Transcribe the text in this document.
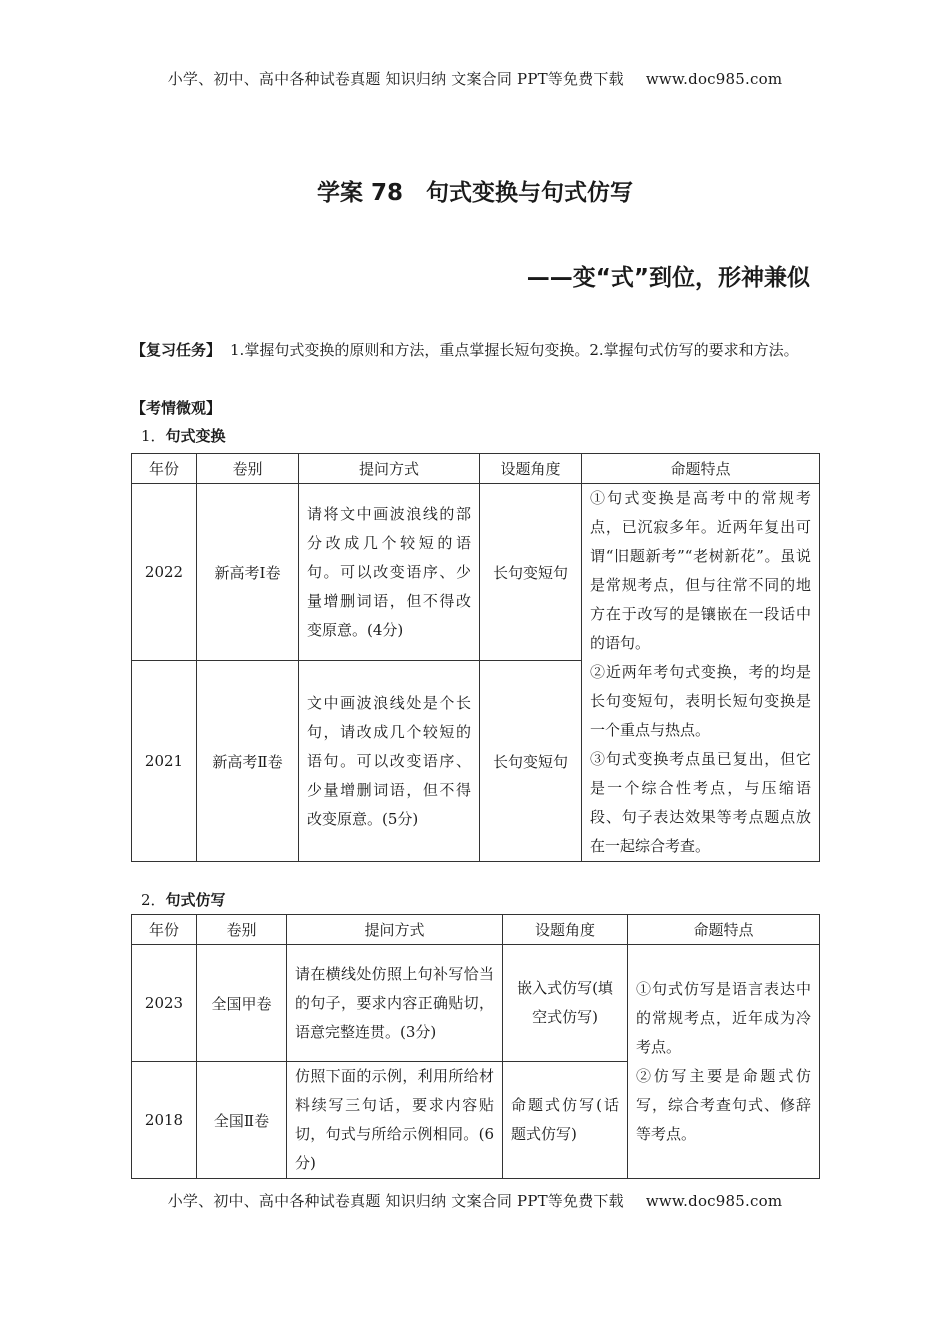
小学、初中、高中各种试卷真题 知识归纳 文案合同 PPT等免费下载 www.doc985.com
学案 78　句式变换与句式仿写
——变“式”到位，形神兼似
【复习任务】 1.掌握句式变换的原则和方法，重点掌握长短句变换。2.掌握句式仿写的要求和方法。
【考情微观】
1．句式变换
年份	卷别	提问方式	设题角度	命题特点
2022	新高考Ⅰ卷	请将文中画波浪线的部分改成几个较短的语句。可以改变语序、少量增删词语，但不得改变原意。(4分)	长句变短句	①句式变换是高考中的常规考点，已沉寂多年。近两年复出可谓“旧题新考”“老树新花”。虽说是常规考点，但与往常不同的地方在于改写的是镶嵌在一段话中的语句。
②近两年考句式变换，考的均是长句变短句，表明长短句变换是一个重点与热点。
③句式变换考点虽已复出，但它是一个综合性考点，与压缩语段、句子表达效果等考点题点放在一起综合考查。

2021	新高考Ⅱ卷	文中画波浪线处是个长句，请改成几个较短的语句。可以改变语序、少量增删词语，但不得改变原意。(5分)	长句变短句	
2．句式仿写
年份	卷别	提问方式	设题角度	命题特点
2023	全国甲卷	请在横线处仿照上句补写恰当的句子，要求内容正确贴切，语意完整连贯。(3分)	嵌入式仿写(填空式仿写)	①句式仿写是语言表达中的常规考点，近年成为冷考点。
②仿写主要是命题式仿写，综合考查句式、修辞等考点。

2018	全国Ⅱ卷	仿照下面的示例，利用所给材料续写三句话，要求内容贴切，句式与所给示例相同。(6分)	命题式仿写(话题式仿写)	
小学、初中、高中各种试卷真题 知识归纳 文案合同 PPT等免费下载 www.doc985.com
